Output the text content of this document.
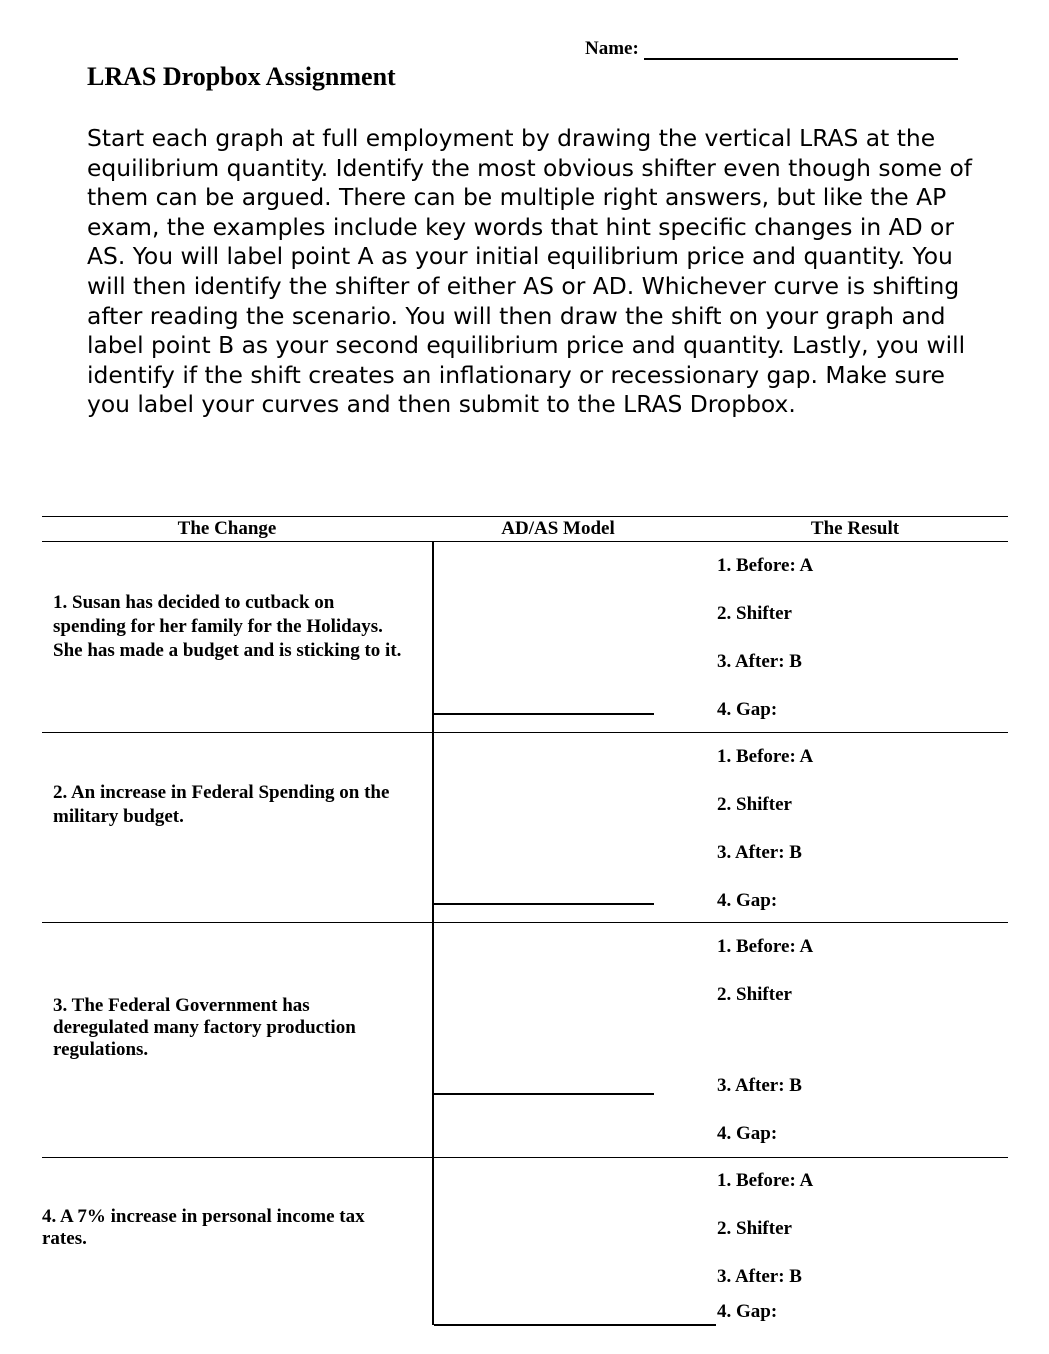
Name:
LRAS Dropbox Assignment

Start each graph at full employment by drawing the vertical LRAS at the equilibrium quantity. Identify the most obvious shifter even though some of them can be argued. There can be multiple right answers, but like the AP exam, the examples include key words that hint specific changes in AD or AS. You will label point A as your initial equilibrium price and quantity. You will then identify the shifter of either AS or AD. Whichever curve is shifting after reading the scenario. You will then draw the shift on your graph and label point B as your second equilibrium price and quantity. Lastly, you will identify if the shift creates an inflationary or recessionary gap. Make sure you label your curves and then submit to the LRAS Dropbox.

The Change	AD/AS Model	The Result

1. Susan has decided to cutback on spending for her family for the Holidays. She has made a budget and is sticking to it.

1. Before: A
2. Shifter
3. After: B
4. Gap:

2. An increase in Federal Spending on the military budget.

1. Before: A
2. Shifter
3. After: B
4. Gap:

3. The Federal Government has deregulated many factory production regulations.

1. Before: A
2. Shifter
3. After: B
4. Gap:

4. A 7% increase in personal income tax rates.

1. Before: A
2. Shifter
3. After: B
4. Gap:
